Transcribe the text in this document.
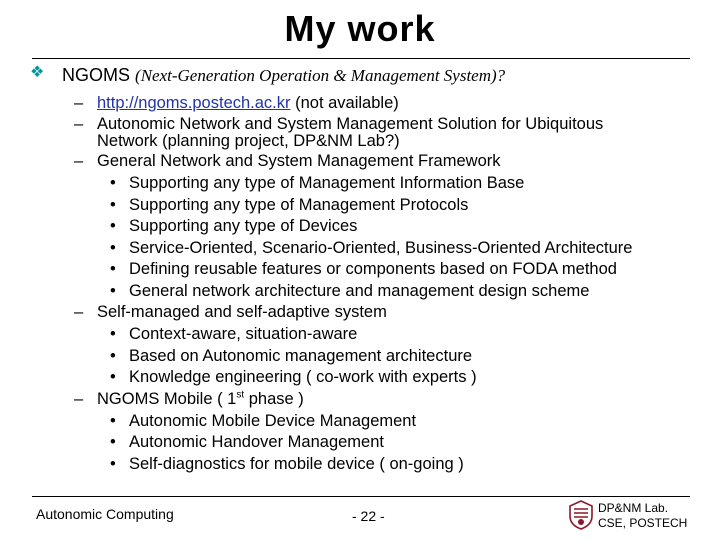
My work
❖ NGOMS (Next-Generation Operation & Management System)?
– http://ngoms.postech.ac.kr (not available)
– Autonomic Network and System Management Solution for Ubiquitous
Network (planning project, DP&NM Lab?)
– General Network and System Management Framework
• Supporting any type of Management Information Base
• Supporting any type of Management Protocols
• Supporting any type of Devices
• Service-Oriented, Scenario-Oriented, Business-Oriented Architecture
• Defining reusable features or components based on FODA method
• General network architecture and management design scheme
– Self-managed and self-adaptive system
• Context-aware, situation-aware
• Based on Autonomic management architecture
• Knowledge engineering ( co-work with experts )
– NGOMS Mobile ( 1st phase )
• Autonomic Mobile Device Management
• Autonomic Handover Management
• Self-diagnostics for mobile device ( on-going )
Autonomic Computing	- 22 -	DP&NM Lab.
CSE, POSTECH
